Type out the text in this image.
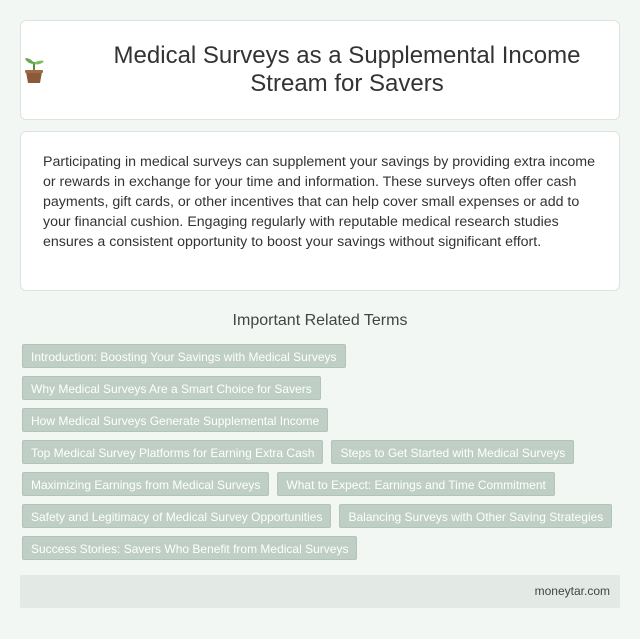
Medical Surveys as a Supplemental Income Stream for Savers

Participating in medical surveys can supplement your savings by providing extra income or rewards in exchange for your time and information. These surveys often offer cash payments, gift cards, or other incentives that can help cover small expenses or add to your financial cushion. Engaging regularly with reputable medical research studies ensures a consistent opportunity to boost your savings without significant effort.

Important Related Terms
Introduction: Boosting Your Savings with Medical Surveys
Why Medical Surveys Are a Smart Choice for Savers
How Medical Surveys Generate Supplemental Income
Top Medical Survey Platforms for Earning Extra Cash	Steps to Get Started with Medical Surveys
Maximizing Earnings from Medical Surveys	What to Expect: Earnings and Time Commitment
Safety and Legitimacy of Medical Survey Opportunities	Balancing Surveys with Other Saving Strategies
Success Stories: Savers Who Benefit from Medical Surveys
moneytar.com
